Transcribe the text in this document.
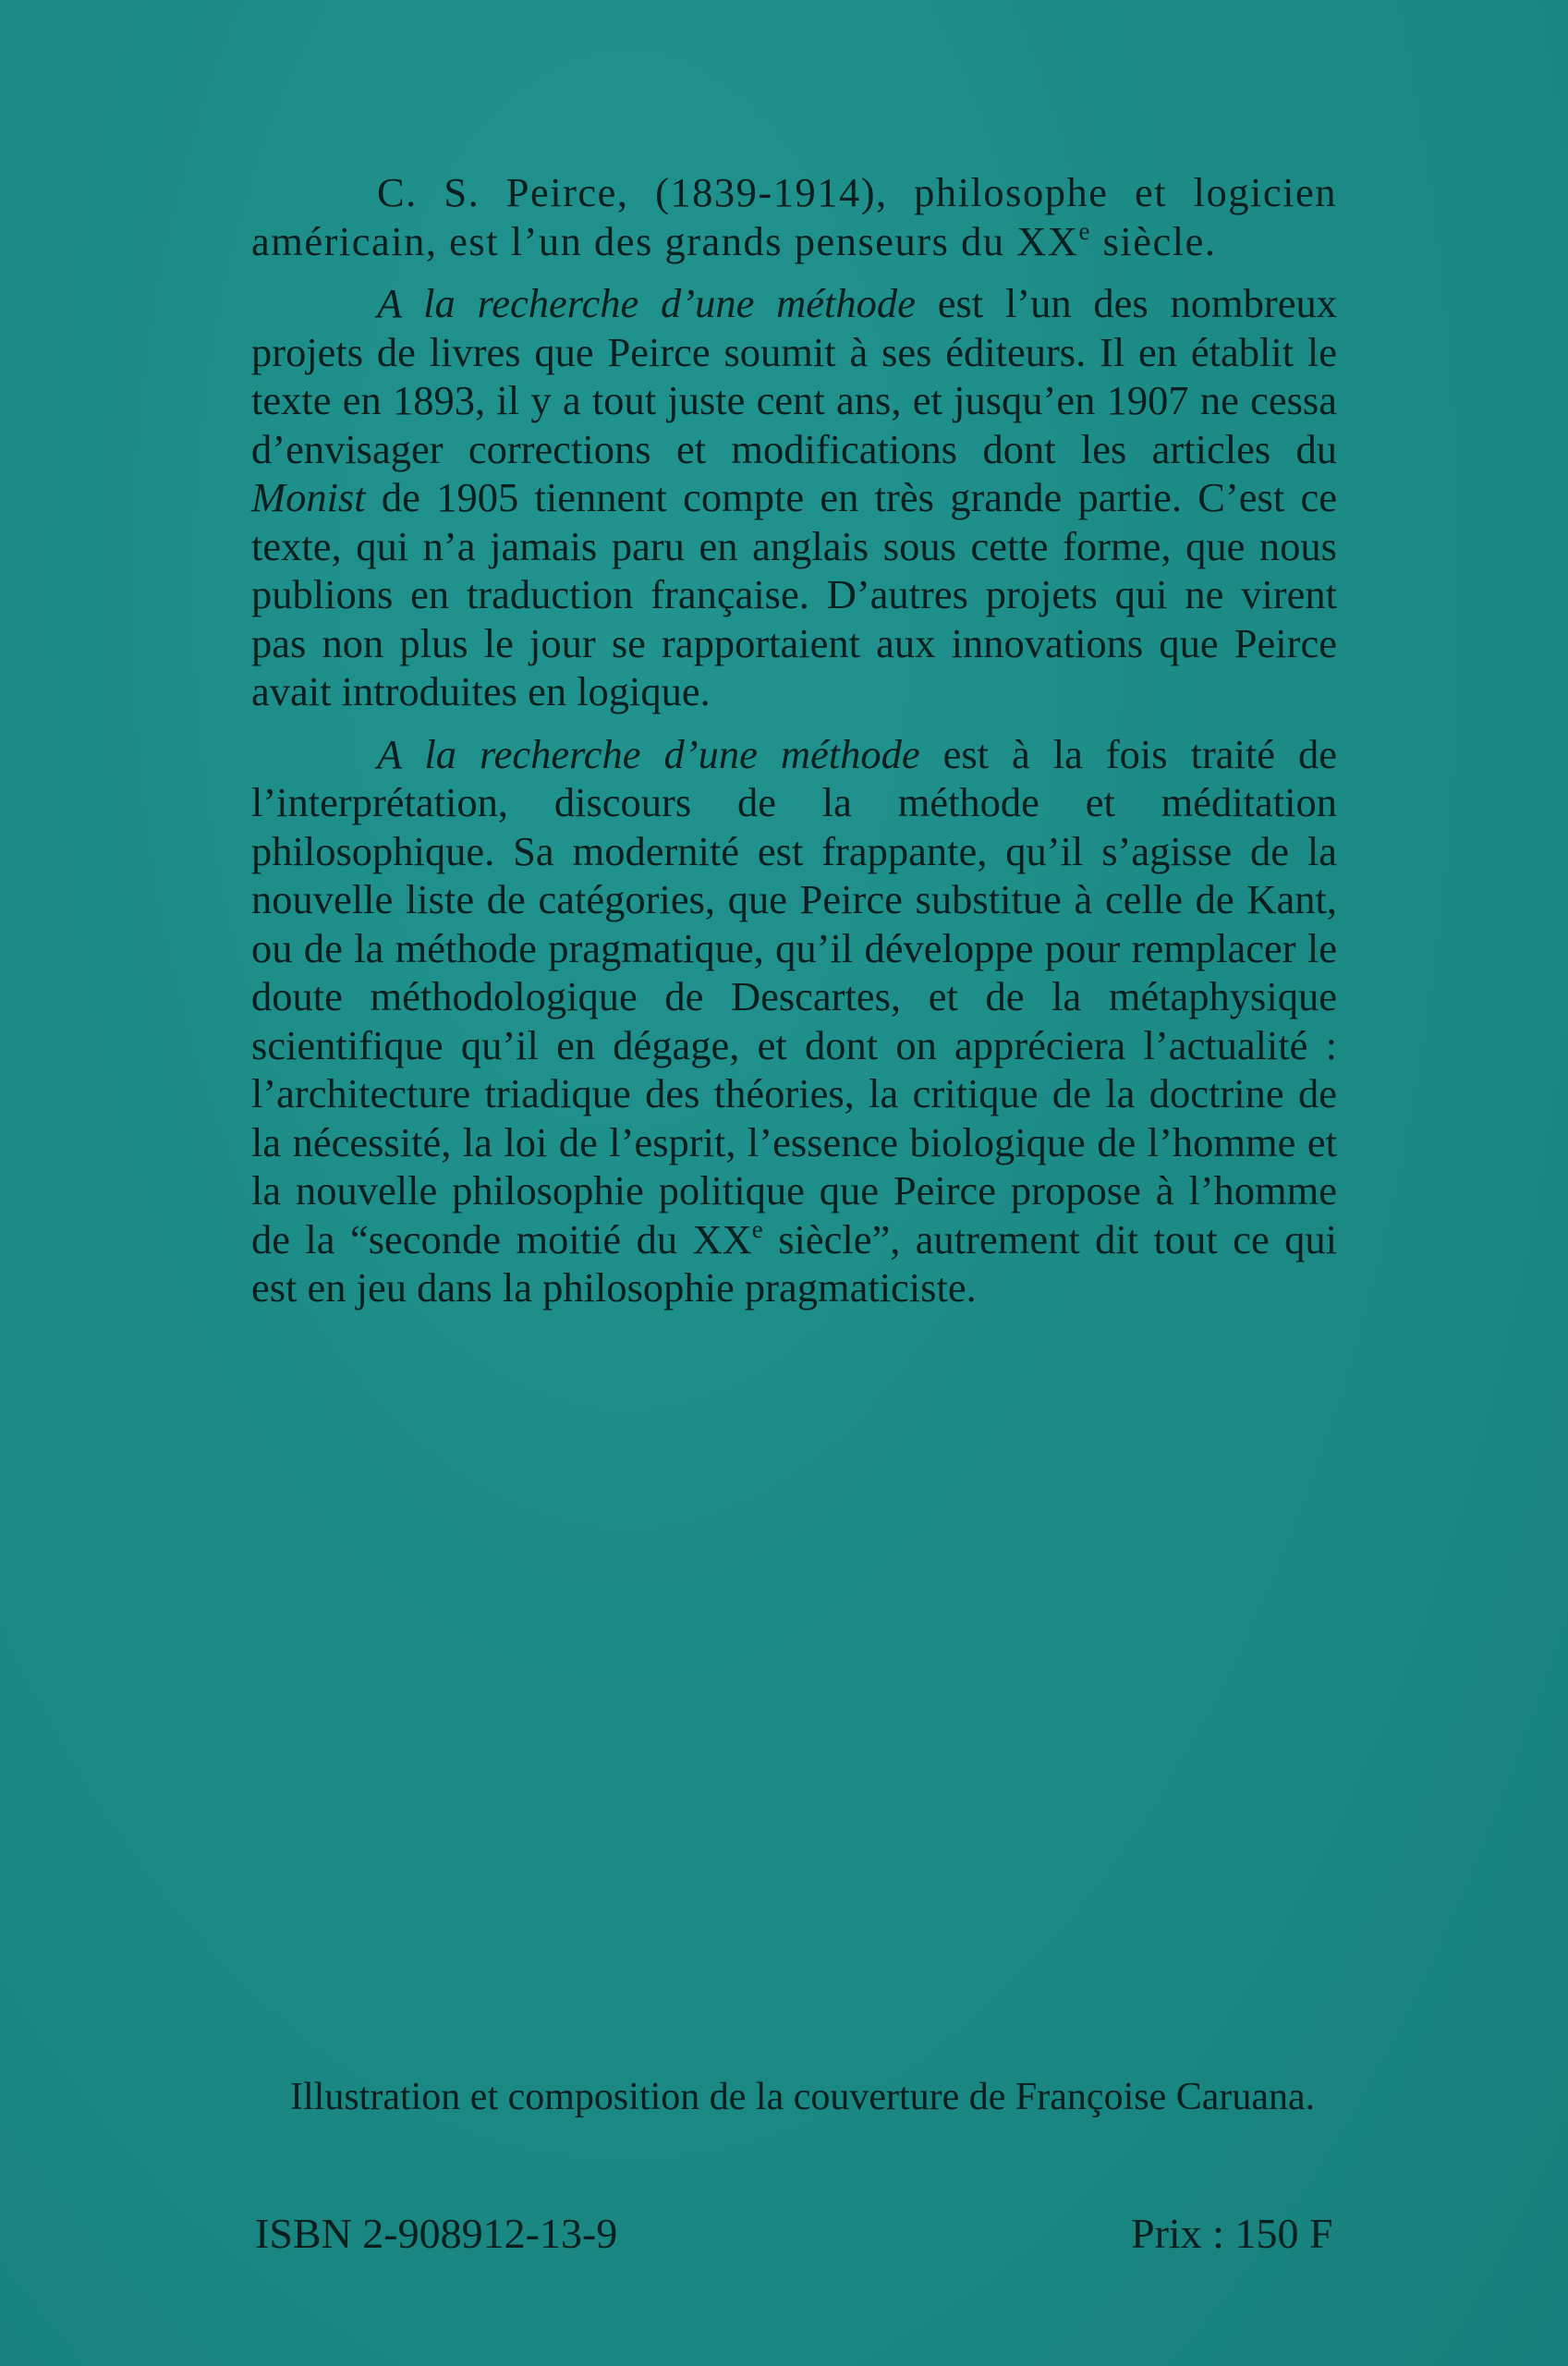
C. S. Peirce, (1839-1914), philosophe et logicien américain, est l’un des grands penseurs du XXe siècle.

A la recherche d’une méthode est l’un des nombreux projets de livres que Peirce soumit à ses éditeurs. Il en établit le texte en 1893, il y a tout juste cent ans, et jusqu’en 1907 ne cessa d’envisager corrections et modifications dont les articles du Monist de 1905 tiennent compte en très grande partie. C’est ce texte, qui n’a jamais paru en anglais sous cette forme, que nous publions en traduction française. D’autres projets qui ne virent pas non plus le jour se rapportaient aux innovations que Peirce avait introduites en logique.

A la recherche d’une méthode est à la fois traité de l’interprétation, discours de la méthode et méditation philosophique. Sa modernité est frappante, qu’il s’agisse de la nouvelle liste de catégories, que Peirce substitue à celle de Kant, ou de la méthode pragmatique, qu’il développe pour remplacer le doute méthodologique de Descartes, et de la métaphysique scientifique qu’il en dégage, et dont on appréciera l’actualité : l’architecture triadique des théories, la critique de la doctrine de la nécessité, la loi de l’esprit, l’essence biologique de l’homme et la nouvelle philosophie politique que Peirce propose à l’homme de la “seconde moitié du XXe siècle”, autrement dit tout ce qui est en jeu dans la philosophie pragmaticiste.

Illustration et composition de la couverture de Françoise Caruana.
ISBN 2-908912-13-9	Prix : 150 F
